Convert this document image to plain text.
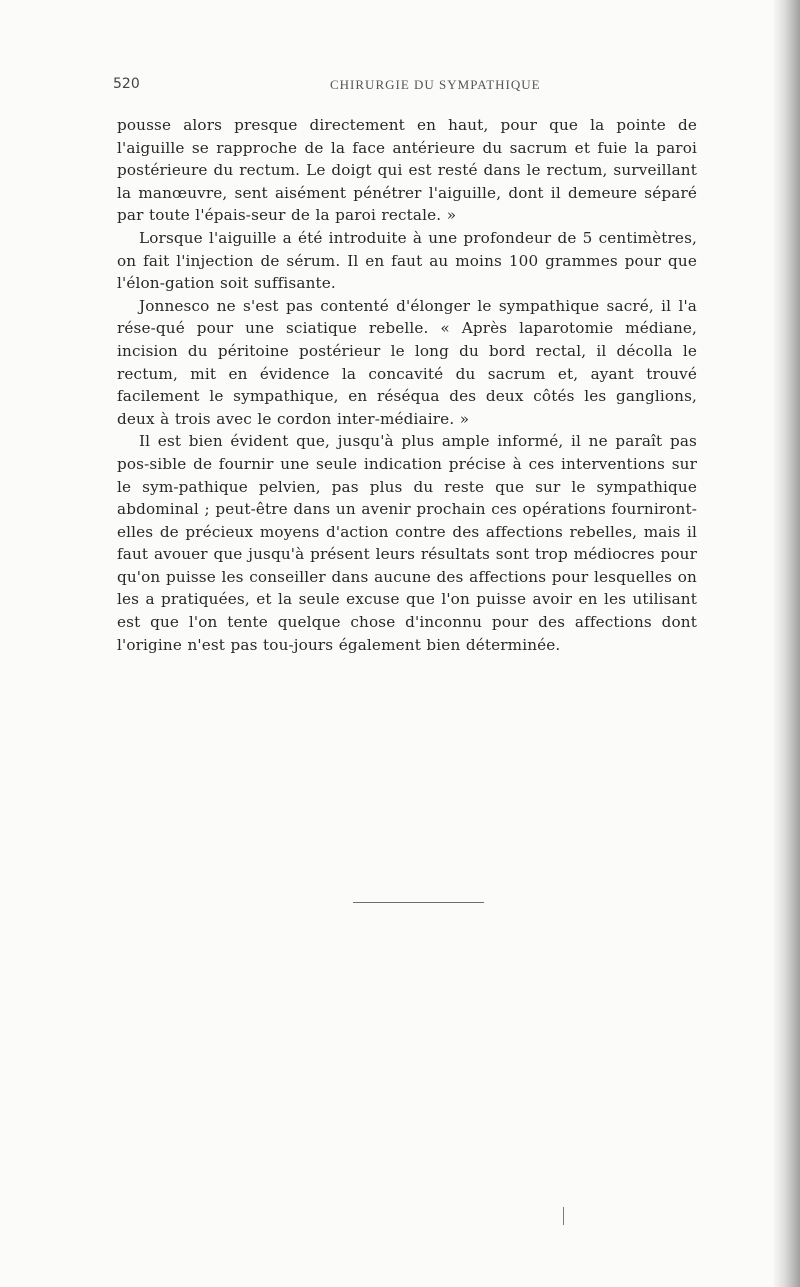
520	CHIRURGIE DU SYMPATHIQUE

pousse alors presque directement en haut, pour que la pointe de l'aiguille se rapproche de la face antérieure du sacrum et fuie la paroi postérieure du rectum. Le doigt qui est resté dans le rectum, surveillant la manœuvre, sent aisément pénétrer l'aiguille, dont il demeure séparé par toute l'épais-seur de la paroi rectale. »

Lorsque l'aiguille a été introduite à une profondeur de 5 centimètres, on fait l'injection de sérum. Il en faut au moins 100 grammes pour que l'élon-gation soit suffisante.

Jonnesco ne s'est pas contenté d'élonger le sympathique sacré, il l'a rése-qué pour une sciatique rebelle. « Après laparotomie médiane, incision du péritoine postérieur le long du bord rectal, il décolla le rectum, mit en évidence la concavité du sacrum et, ayant trouvé facilement le sympathique, en réséqua des deux côtés les ganglions, deux à trois avec le cordon inter-médiaire. »

Il est bien évident que, jusqu'à plus ample informé, il ne paraît pas pos-sible de fournir une seule indication précise à ces interventions sur le sym-pathique pelvien, pas plus du reste que sur le sympathique abdominal ; peut-être dans un avenir prochain ces opérations fourniront-elles de précieux moyens d'action contre des affections rebelles, mais il faut avouer que jusqu'à présent leurs résultats sont trop médiocres pour qu'on puisse les conseiller dans aucune des affections pour lesquelles on les a pratiquées, et la seule excuse que l'on puisse avoir en les utilisant est que l'on tente quelque chose d'inconnu pour des affections dont l'origine n'est pas tou-jours également bien déterminée.
